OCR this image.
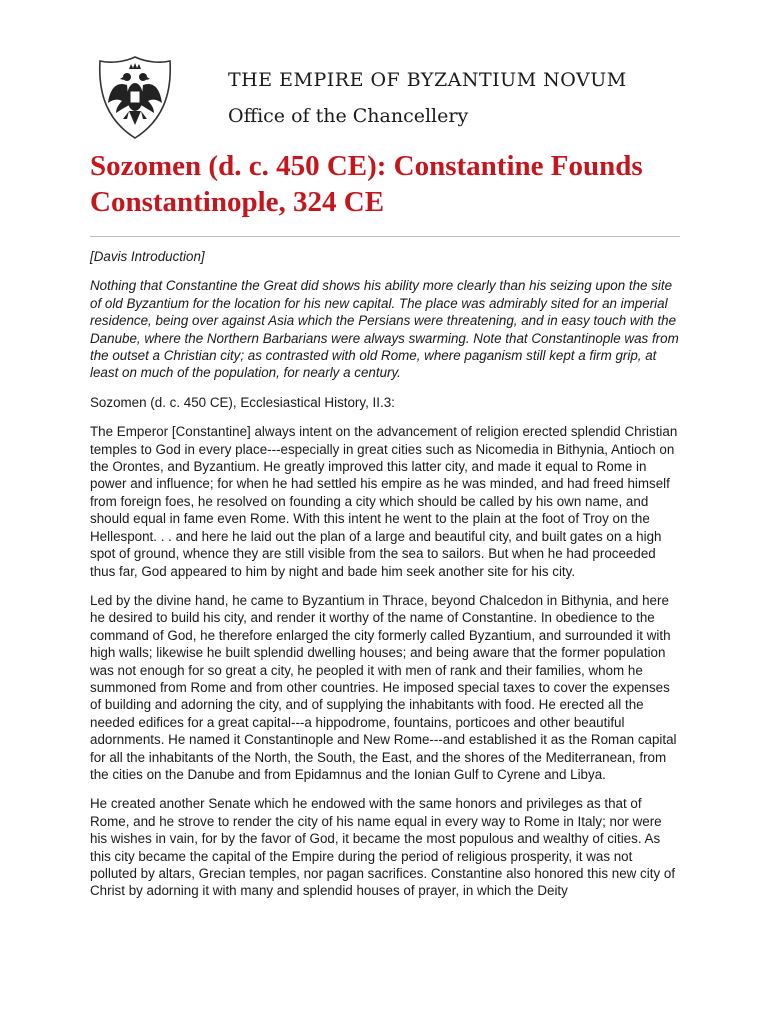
THE EMPIRE OF BYZANTIUM NOVUM
Office of the Chancellery
Sozomen (d. c. 450 CE): Constantine Founds Constantinople, 324 CE

[Davis Introduction]

Nothing that Constantine the Great did shows his ability more clearly than his seizing upon the site of old Byzantium for the location for his new capital. The place was admirably sited for an imperial residence, being over against Asia which the Persians were threatening, and in easy touch with the Danube, where the Northern Barbarians were always swarming. Note that Constantinople was from the outset a Christian city; as contrasted with old Rome, where paganism still kept a firm grip, at least on much of the population, for nearly a century.

Sozomen (d. c. 450 CE), Ecclesiastical History, II.3:

The Emperor [Constantine] always intent on the advancement of religion erected splendid Christian temples to God in every place---especially in great cities such as Nicomedia in Bithynia, Antioch on the Orontes, and Byzantium. He greatly improved this latter city, and made it equal to Rome in power and influence; for when he had settled his empire as he was minded, and had freed himself from foreign foes, he resolved on founding a city which should be called by his own name, and should equal in fame even Rome. With this intent he went to the plain at the foot of Troy on the Hellespont. . . and here he laid out the plan of a large and beautiful city, and built gates on a high spot of ground, whence they are still visible from the sea to sailors. But when he had proceeded thus far, God appeared to him by night and bade him seek another site for his city.

Led by the divine hand, he came to Byzantium in Thrace, beyond Chalcedon in Bithynia, and here he desired to build his city, and render it worthy of the name of Constantine. In obedience to the command of God, he therefore enlarged the city formerly called Byzantium, and surrounded it with high walls; likewise he built splendid dwelling houses; and being aware that the former population was not enough for so great a city, he peopled it with men of rank and their families, whom he summoned from Rome and from other countries. He imposed special taxes to cover the expenses of building and adorning the city, and of supplying the inhabitants with food. He erected all the needed edifices for a great capital---a hippodrome, fountains, porticoes and other beautiful adornments. He named it Constantinople and New Rome---and established it as the Roman capital for all the inhabitants of the North, the South, the East, and the shores of the Mediterranean, from the cities on the Danube and from Epidamnus and the Ionian Gulf to Cyrene and Libya.

He created another Senate which he endowed with the same honors and privileges as that of Rome, and he strove to render the city of his name equal in every way to Rome in Italy; nor were his wishes in vain, for by the favor of God, it became the most populous and wealthy of cities. As this city became the capital of the Empire during the period of religious prosperity, it was not polluted by altars, Grecian temples, nor pagan sacrifices. Constantine also honored this new city of Christ by adorning it with many and splendid houses of prayer, in which the Deity
